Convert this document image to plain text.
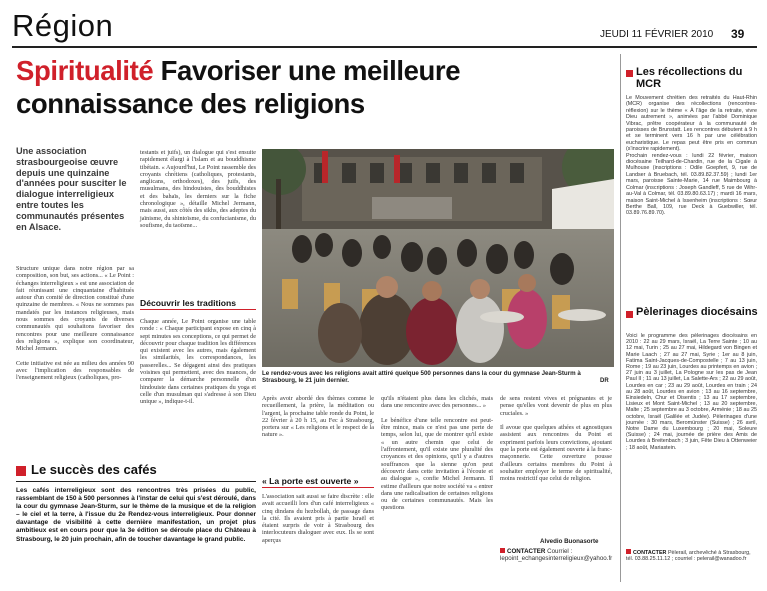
Région	JEUDI 11 FÉVRIER 2010 39
Spiritualité Favoriser une meilleure
connaissance des religions
Une association strasbourgeoise œuvre depuis une quinzaine d'années pour susciter le dialogue interreligieux entre toutes les communautés présentes en Alsace.
Structure unique dans notre région par sa composition, son but, ses actions... « Le Point : échanges interreligieux » est une association de fait réunissant une cinquantaine d'habitués autour d'un comité de direction constitué d'une quinzaine de membres. « Nous ne sommes pas mandatés par les instances religieuses, mais nous sommes des croyants de diverses communautés qui souhaitons favoriser des rencontres pour une meilleure connaissance des religions », explique son coordinateur, Michel Jermann.

Cette initiative est née au milieu des années 90 avec l'implication des responsables de l'enseignement religieux (catholiques, pro-
testants et juifs), un dialogue qui s'est ensuite rapidement élargi à l'islam et au bouddhisme tibétain. « Aujourd'hui, Le Point rassemble des croyants chrétiens (catholiques, protestants, anglicans, orthodoxes), des juifs, des musulmans, des hindouistes, des bouddhistes et des bahaïs, les derniers sur la fiche chronologique », détaille Michel Jermann, mais aussi, aux côtés des sikhs, des adeptes du jaïnisme, du shintoïsme, du confucianisme, du soufisme, du taoïsme...
Découvrir les traditions
Chaque année, Le Point organise une table ronde : « Chaque participant expose en cinq à sept minutes ses conceptions, ce qui permet de découvrir pour chaque tradition les différences qui existent avec les autres, mais également les similarités, les correspondances, les passerelles... Se dégagent ainsi des pratiques voisines qui permettent, avec des nuances, de comparer la démarche personnelle d'un hindouiste dans certaines pratiques du yoga et celle d'un musulman qui s'adresse à son Dieu unique », indique-t-il.
Le rendez-vous avec les religions avait attiré quelque 500 personnes dans la cour du gymnase Jean-Sturm à Strasbourg, le 21 juin dernier.	DR
Après avoir abordé des thèmes comme le recueillement, la prière, la méditation ou l'argent, la prochaine table ronde du Point, le 22 février à 20 h 15, au Fec à Strasbourg, portera sur « Les religions et le respect de la nature ».
« La porte est ouverte »
L'association sait aussi se faire discrète : elle avait accueilli lors d'un café interreligieux « cinq dindans du hezbollah, de passage dans la cité. Ils avaient pris à partie Israël et étaient surpris de voir à Strasbourg des interlocuteurs dialoguer avec eux. Ils se sont aperçus
qu'ils n'étaient plus dans les clichés, mais dans une rencontre avec des personnes... »

Le bénéfice d'une telle rencontre est peut-être mince, mais ce n'est pas une perte de temps, selon lui, que de montrer qu'il existe « un autre chemin que celui de l'affrontement, qu'il existe une pluralité des croyances et des opinions, qu'il y a d'autres souffrances que la sienne qu'on peut découvrir dans cette invitation à l'écoute et au dialogue », confie Michel Jermann. Il estime d'ailleurs que notre société va « entrer dans une radicalisation de certaines religions ou de certaines communautés. Mais les questions
de sens restent vives et prégnantes et je pense qu'elles vont devenir de plus en plus cruciales. »

Il avoue que quelques athées et agnostiques assistent aux rencontres du Point et expriment parfois leurs convictions, ajoutant que la porte est également ouverte à la franc-maçonnerie. Cette ouverture pousse d'ailleurs certains membres du Point à souhaiter employer le terme de spiritualité, moins restrictif que celui de religion.
Alvedio Buonasorte
CONTACTER Courriel : lepoint_echangesinterreligieux@yahoo.fr
Le succès des cafés
Les cafés interreligieux sont des rencontres très prisées du public, rassemblant de 150 à 500 personnes à l'instar de celui qui s'est déroulé, dans la cour du gymnase Jean-Sturm, sur le thème de la musique et de la religion – le ciel et la terre, à l'issue du 2e Rendez-vous interreligieux. Pour donner davantage de visibilité à cette dernière manifestation, un projet plus ambitieux est en cours pour que la 3e édition se déroule place du Château à Strasbourg, le 20 juin prochain, afin de toucher davantage le grand public.
Les récollections du MCR
Le Mouvement chrétien des retraités du Haut-Rhin (MCR) organise des récollections (rencontres-réflexion) sur le thème « À l'âge de la retraite, vivre Dieu autrement », animées par l'abbé Dominique Vibrac, prêtre coopérateur à la communauté de paroisses de Brunstatt. Les rencontres débutent à 9 h et se terminent vers 16 h par une célébration eucharistique. Le repas peut être pris en commun (s'inscrire rapidement).
Prochain rendez-vous : lundi 22 février, maison diocésaine Teilhard-de-Chardin, rue de la Cigale à Mulhouse (inscriptions : Odile Goepfert, 9, rue de Landser à Bruebach, tél. 03.89.82.37.59) ; lundi 1er mars, paroisse Sainte-Marie, 14 rue Maimbourg à Colmar (inscriptions : Joseph Gandleff, 5 rue de Wihr-au-Val à Colmar, tél. 03.89.80.63.17) ; mardi 16 mars, maison Saint-Michel à Issenheim (inscriptions : Sœur Berthe Ball, 109, rue Deck à Guebwiller, tél. 03.89.76.89.70).
Pèlerinages diocésains
Voici le programme des pèlerinages diocésains en 2010 : 22 au 29 mars, Israël, La Terre Sainte ; 10 au 12 mai, Turin ; 25 au 27 mai, Hildegard von Bingen et Marie Laach ; 27 au 27 mai, Syrie ; 1er au 8 juin, Fatima Saint-Jacques-de-Compostelle ; 7 au 13 juin, Rome ; 19 au 23 juin, Lourdes au printemps en avion ; 27 juin au 3 juillet, La Pologne sur les pas de Jean Paul II ; 11 au 13 juillet, La Salette-Ars ; 22 au 29 août, Lourdes en car ; 23 au 29 août, Lourdes en train ; 24 au 28 août, Lourdes en avion ; 13 au 16 septembre, Einsiedeln, Chur et Disentis ; 13 au 17 septembre, Lisieux et Mont Saint-Michel ; 13 au 20 septembre, Malte ; 25 septembre au 3 octobre, Arménie ; 18 au 25 octobre, Israël (Galilée et Judée). Pèlerinages d'une journée : 30 mars, Beromünster (Suisse) ; 26 avril, Notre Dame du Luxembourg ; 20 mai, Soleure (Suisse) ; 24 mai, journée de prière des Amis de Lourdes à Breitenbach ; 3 juin, Fête Dieu à Ottenweier ; 18 août, Mariastein.
CONTACTER Pèlerail, archevêché à Strasbourg, tél. 03.88.25.11.12 ; courriel : pelerail@wanadoo.fr
